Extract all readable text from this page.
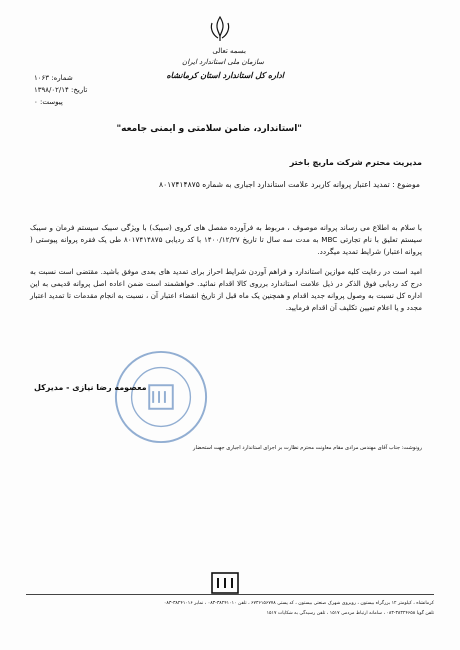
بسمه تعالی
سازمان ملی استاندارد ایران
اداره کل استاندارد استان کرمانشاه
شماره: ۱۰۶۳
تاریخ: ۱۳۹۸/۰۲/۱۴
پیوست: ۰
"استاندارد، ضامن سلامتی و ایمنی جامعه"
مدیریت محترم شرکت ماریچ باختر
موضوع : تمدید اعتبار پروانه کاربرد علامت استاندارد اجباری به شماره ۸۰۱۷۴۱۴۸۷۵
با سلام به اطلاع می رساند پروانه موصوف ، مربوط به فرآورده مفصل های کروی (سیبک) با ویژگی سیبک سیستم فرمان و سیبک سیستم تعلیق با نام تجارتی MBC به مدت سه سال تا تاریخ ۱۴۰۰/۱۲/۲۷ با کد ردیابی ۸۰۱۷۴۱۴۸۷۵ طی یک فقره پروانه پیوستی ( پروانه اعتبار) شرایط تمدید میگردد.
امید است در رعایت کلیه موازین استاندارد و فراهم آوردن شرایط احراز برای تمدید های بعدی موفق باشید. مقتضی است نسبت به درج کد ردیابی فوق الذکر در ذیل علامت استاندارد برروی کالا اقدام نمائید. خواهشمند است ضمن اعاده اصل پروانه قدیمی به این اداره کل نسبت به وصول پروانه جدید اقدام و همچنین یک ماه قبل از تاریخ انقضاء اعتبار آن ، نسبت به انجام مقدمات تا تمدید اعتبار مجدد و یا اعلام تعیین تکلیف آن اقدام فرمایید.
معصومه رضا نیازی - مدیرکل
رونوشت: جناب آقای مهندس مرادی مقام معاونت محترم نظارت بر اجرای استاندارد اجباری جهت استحضار
کرمانشاه ، کیلومتر ۱۲ بزرگراه بیستون ، روبروی شهرک صنعتی بیستون ، کد پستی ۶۷۳۶۱۵۶۷۷۸ ، تلفن ۳۸۲۴۱۰۱۰-۰۸۳ ، نمابر ۳۸۲۴۱۰۱۶-۰۸۳
تلفن گویا ۳۸۳۲۴۶۵۸-۰۸۳ ، سامانه ارتباط مردمی ۱۵۱۷ ، تلفن رسیدگی به شکایات ۱۵۱۷
